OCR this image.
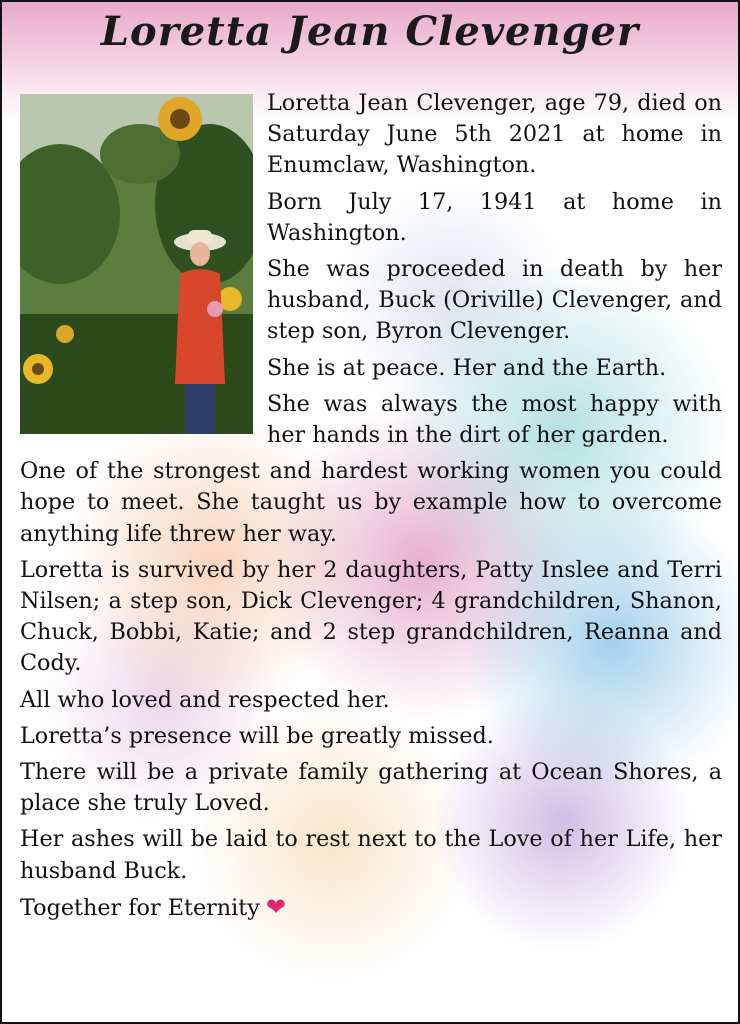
Loretta Jean Clevenger

Loretta Jean Clevenger, age 79, died on Saturday June 5th 2021 at home in Enumclaw, Washington.

Born July 17, 1941 at home in Washington.

She was proceeded in death by her husband, Buck (Oriville) Clevenger, and step son, Byron Clevenger.

She is at peace. Her and the Earth.

She was always the most happy with her hands in the dirt of her garden.

One of the strongest and hardest working women you could hope to meet. She taught us by example how to overcome anything life threw her way.

Loretta is survived by her 2 daughters, Patty Inslee and Terri Nilsen; a step son, Dick Clevenger; 4 grandchildren, Shanon, Chuck, Bobbi, Katie; and 2 step grandchildren, Reanna and Cody.

All who loved and respected her.

Loretta’s presence will be greatly missed.

There will be a private family gathering at Ocean Shores, a place she truly Loved.

Her ashes will be laid to rest next to the Love of her Life, her husband Buck.

Together for Eternity ❤
